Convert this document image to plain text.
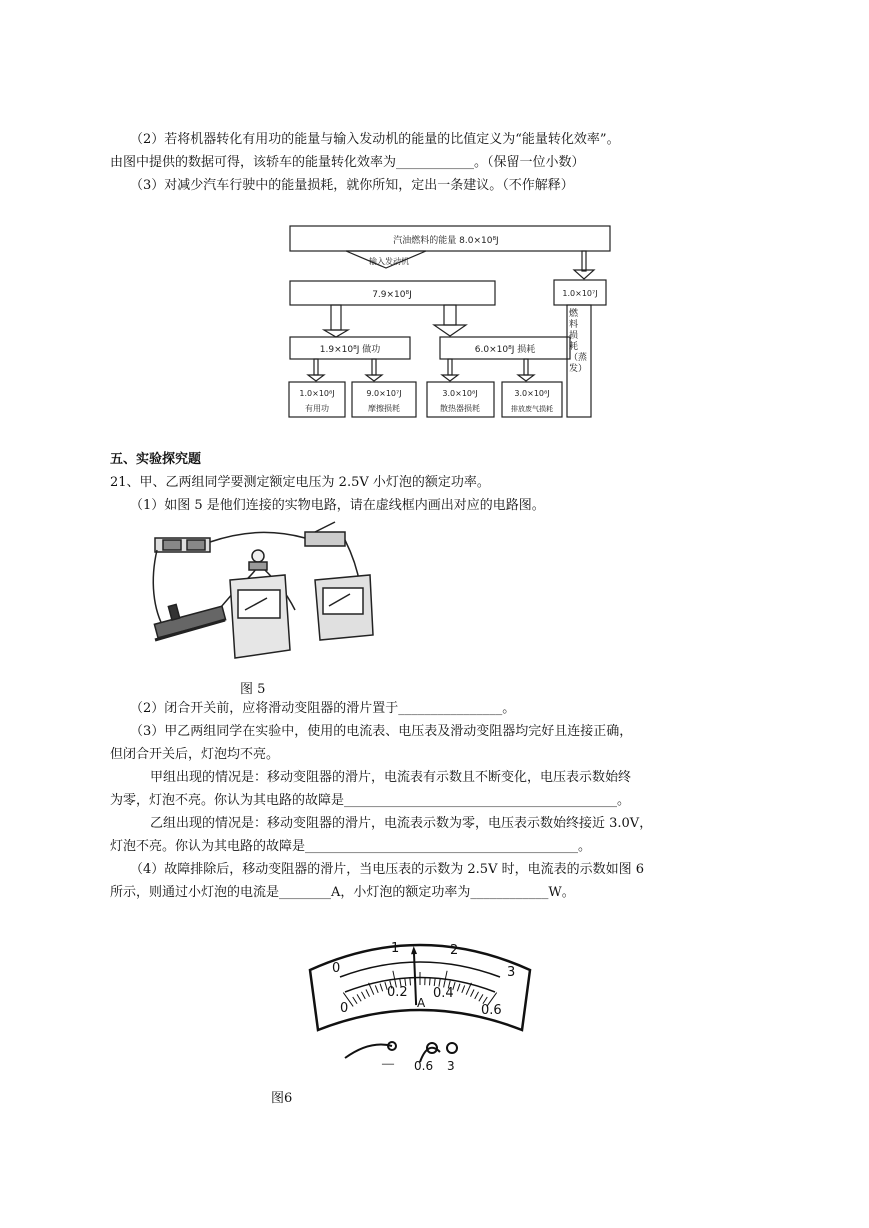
（2）若将机器转化有用功的能量与输入发动机的能量的比值定义为“能量转化效率”。
由图中提供的数据可得，该轿车的能量转化效率为____________。（保留一位小数）
（3）对减少汽车行驶中的能量损耗，就你所知，定出一条建议。（不作解释）
汽油燃料的能量 8.0×10⁸J
输入发动机
7.9×10⁸J	1.0×10⁷J
1.9×10⁸J 做功	6.0×10⁸J 损耗
1.0×10⁸J
有用功
9.0×10⁷J
摩擦损耗
3.0×10⁸J
散热器损耗
3.0×10⁸J
排放废气损耗
燃料损耗（蒸发）
五、实验探究题
21、甲、乙两组同学要测定额定电压为 2.5V 小灯泡的额定功率。
（1）如图 5 是他们连接的实物电路，请在虚线框内画出对应的电路图。
图 5
（2）闭合开关前，应将滑动变阻器的滑片置于________________。
（3）甲乙两组同学在实验中，使用的电流表、电压表及滑动变阻器均完好且连接正确，
但闭合开关后，灯泡均不亮。
甲组出现的情况是：移动变阻器的滑片，电流表有示数且不断变化，电压表示数始终
为零，灯泡不亮。你认为其电路的故障是__________________________________________。
乙组出现的情况是：移动变阻器的滑片，电流表示数为零，电压表示数始终接近 3.0V，
灯泡不亮。你认为其电路的故障是__________________________________________。
（4）故障排除后，移动变阻器的滑片，当电压表的示数为 2.5V 时，电流表的示数如图 6
所示，则通过小灯泡的电流是________A，小灯泡的额定功率为____________W。
0
1	2
3
0
0.2 0.4
0.6
A
－ 0.6 3
图6
